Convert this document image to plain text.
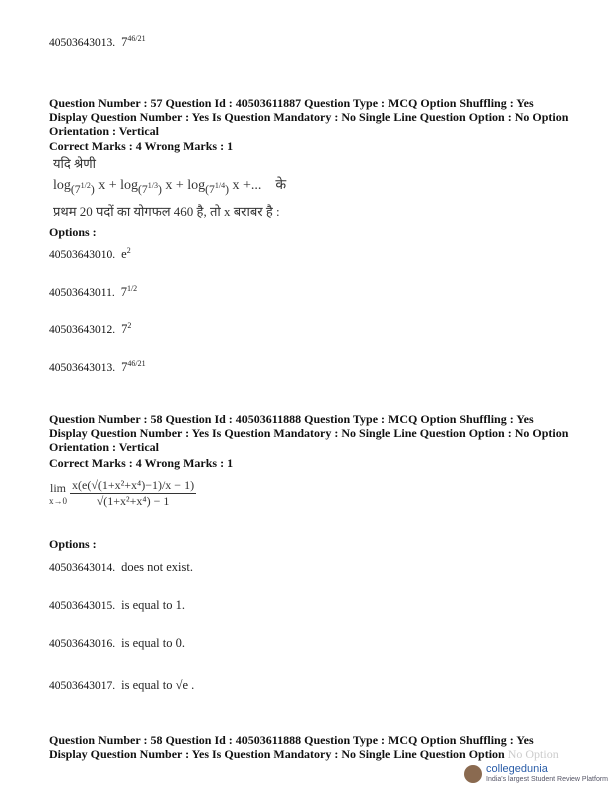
40503643013. $7^{46/21}$
Question Number : 57 Question Id : 40503611887 Question Type : MCQ Option Shuffling : Yes
Display Question Number : Yes Is Question Mandatory : No Single Line Question Option : No Option
Orientation : Vertical
Correct Marks : 4 Wrong Marks : 1
यदि श्रेणी
$\log_{(7^{1/2})} x + \log_{(7^{1/3})} x + \log_{(7^{1/4})} x$ +... के
प्रथम 20 पदों का योगफल 460 है, तो x बराबर है :
Options :
40503643010. $e^2$
40503643011. $7^{1/2}$
40503643012. $7^2$
40503643013. $7^{46/21}$
Question Number : 58 Question Id : 40503611888 Question Type : MCQ Option Shuffling : Yes
Display Question Number : Yes Is Question Mandatory : No Single Line Question Option : No Option
Orientation : Vertical
Correct Marks : 4 Wrong Marks : 1
lim
x→0
$\frac{\text{x(e(√(1+x²+x⁴)−1)/x − 1)}}{\text{√(1+x²+x⁴) − 1}}$
Options :
40503643014. does not exist.
40503643015. is equal to 1.
40503643016. is equal to 0.
40503643017. is equal to √e .
Question Number : 58 Question Id : 40503611888 Question Type : MCQ Option Shuffling : Yes
Display Question Number : Yes Is Question Mandatory : No Single Line Question Option No Option
collegedunia
India's largest Student Review Platform
